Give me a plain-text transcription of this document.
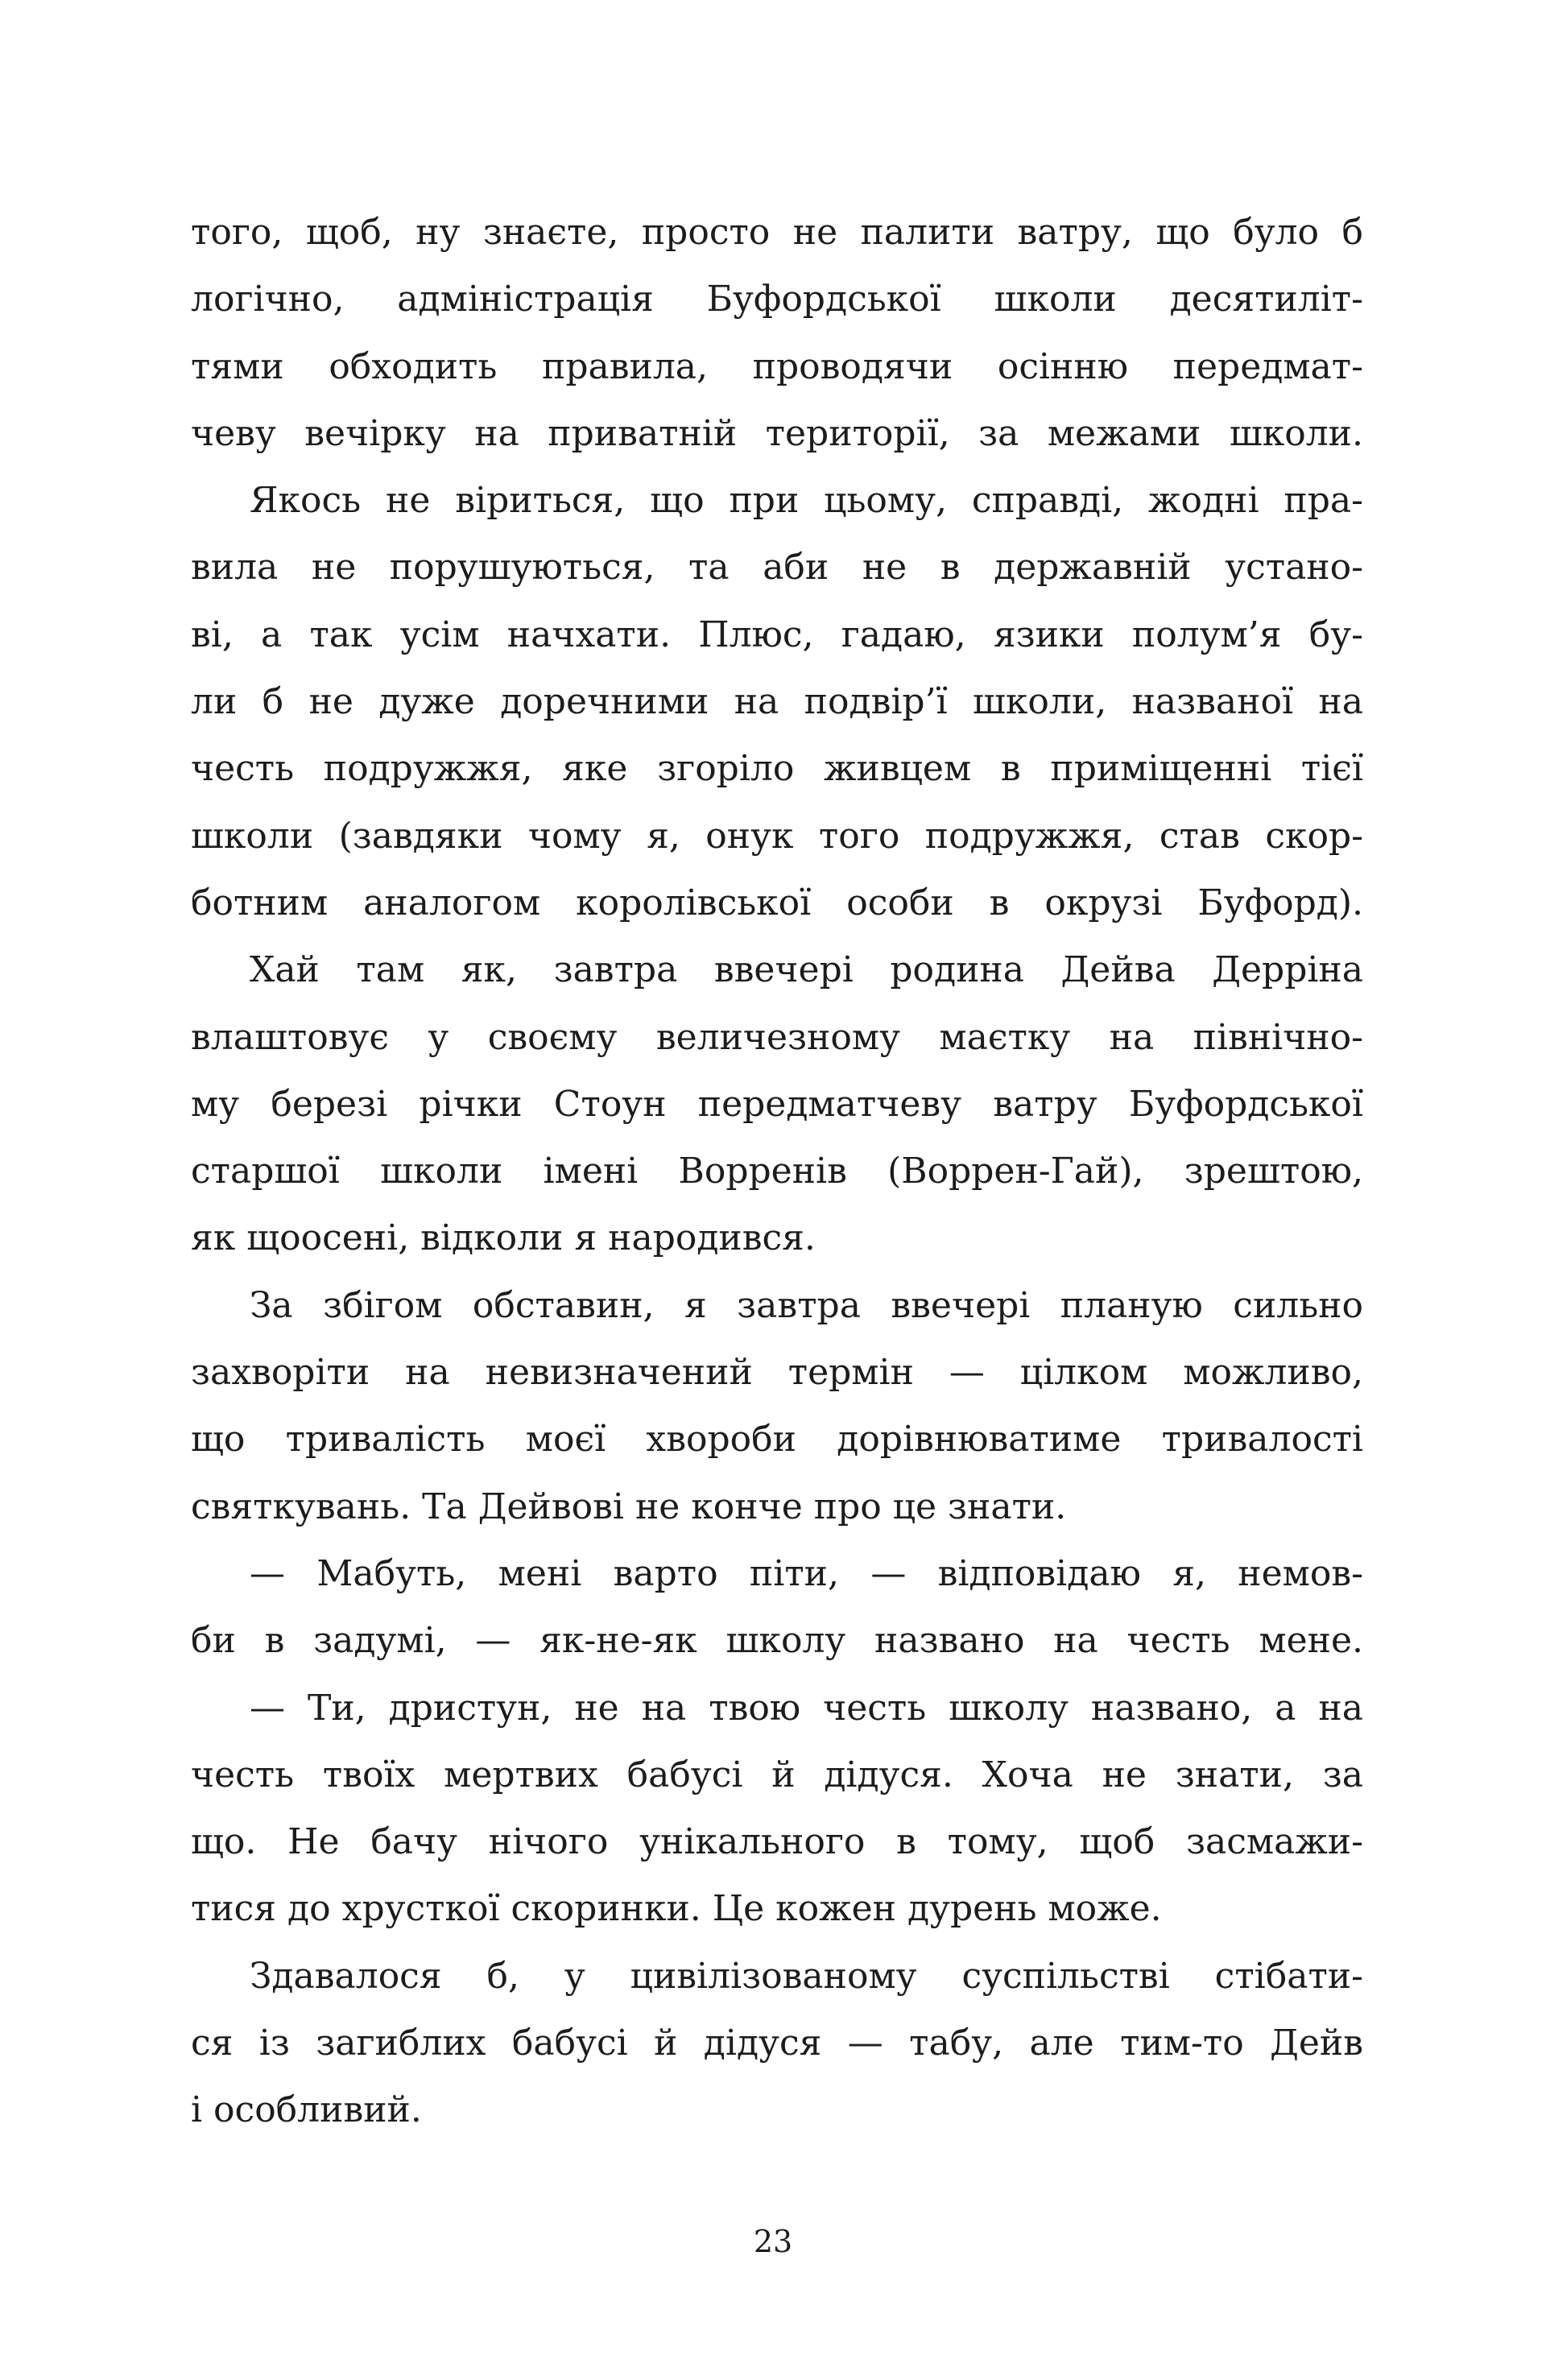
того, щоб, ну знаєте, просто не палити ватру, що було б
логічно, адміністрація Буфордської школи десятиліт-
тями обходить правила, проводячи осінню передмат-
чеву вечірку на приватній території, за межами школи.
Якось не віриться, що при цьому, справді, жодні пра-
вила не порушуються, та аби не в державній устано-
ві, а так усім начхати. Плюс, гадаю, язики полум’я бу-
ли б не дуже доречними на подвір’ї школи, названої на
честь подружжя, яке згоріло живцем в приміщенні тієї
школи (завдяки чому я, онук того подружжя, став скор-
ботним аналогом королівської особи в окрузі Буфорд).
Хай там як, завтра ввечері родина Дейва Дерріна
влаштовує у своєму величезному маєтку на північно-
му березі річки Стоун передматчеву ватру Буфордської
старшої школи імені Ворренів (Воррен-Гай), зрештою,
як щоосені, відколи я народився.
За збігом обставин, я завтра ввечері планую сильно
захворіти на невизначений термін — цілком можливо,
що тривалість моєї хвороби дорівнюватиме тривалості
святкувань. Та Дейвові не конче про це знати.
— Мабуть, мені варто піти, — відповідаю я, немов-
би в задумі, — як-не-як школу названо на честь мене.
— Ти, дристун, не на твою честь школу названо, а на
честь твоїх мертвих бабусі й дідуся. Хоча не знати, за
що. Не бачу нічого унікального в тому, щоб засмажи-
тися до хрусткої скоринки. Це кожен дурень може.
Здавалося б, у цивілізованому суспільстві стібати-
ся із загиблих бабусі й дідуся — табу, але тим-то Дейв
і особливий.
23
